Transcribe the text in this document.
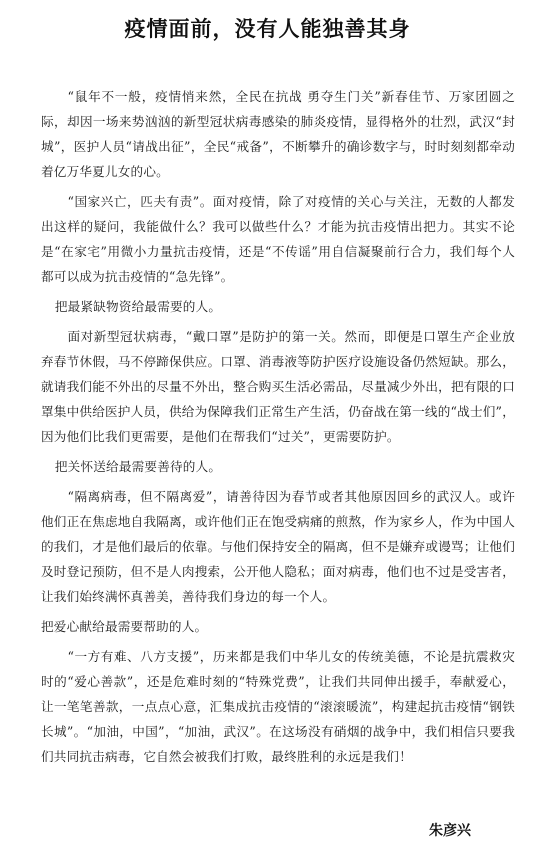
疫情面前，没有人能独善其身

“鼠年不一般，疫情悄来然，全民在抗战 勇夺生门关”新春佳节、万家团圆之际，却因一场来势汹汹的新型冠状病毒感染的肺炎疫情，显得格外的壮烈，武汉“封城”，医护人员“请战出征”，全民“戒备”，不断攀升的确诊数字与，时时刻刻都牵动着亿万华夏儿女的心。

“国家兴亡，匹夫有责”。面对疫情，除了对疫情的关心与关注，无数的人都发出这样的疑问，我能做什么？我可以做些什么？才能为抗击疫情出把力。其实不论是“在家宅”用微小力量抗击疫情，还是“不传谣”用自信凝聚前行合力，我们每个人都可以成为抗击疫情的“急先锋”。

把最紧缺物资给最需要的人。

面对新型冠状病毒，“戴口罩”是防护的第一关。然而，即便是口罩生产企业放弃春节休假，马不停蹄保供应。口罩、消毒液等防护医疗设施设备仍然短缺。那么，就请我们能不外出的尽量不外出，整合购买生活必需品，尽量减少外出，把有限的口罩集中供给医护人员，供给为保障我们正常生产生活，仍奋战在第一线的“战士们”，因为他们比我们更需要，是他们在帮我们“过关”，更需要防护。

把关怀送给最需要善待的人。

“隔离病毒，但不隔离爱”，请善待因为春节或者其他原因回乡的武汉人。或许他们正在焦虑地自我隔离，或许他们正在饱受病痛的煎熬，作为家乡人，作为中国人的我们，才是他们最后的依靠。与他们保持安全的隔离，但不是嫌弃或谩骂；让他们及时登记预防，但不是人肉搜索，公开他人隐私；面对病毒，他们也不过是受害者，让我们始终满怀真善美，善待我们身边的每一个人。

把爱心献给最需要帮助的人。

“一方有难、八方支援”，历来都是我们中华儿女的传统美德，不论是抗震救灾时的“爱心善款”，还是危难时刻的“特殊党费”，让我们共同伸出援手，奉献爱心，让一笔笔善款，一点点心意，汇集成抗击疫情的“滚滚暖流”，构建起抗击疫情“钢铁长城”。“加油，中国”，“加油，武汉”。在这场没有硝烟的战争中，我们相信只要我们共同抗击病毒，它自然会被我们打败，最终胜利的永远是我们！

朱彦兴
